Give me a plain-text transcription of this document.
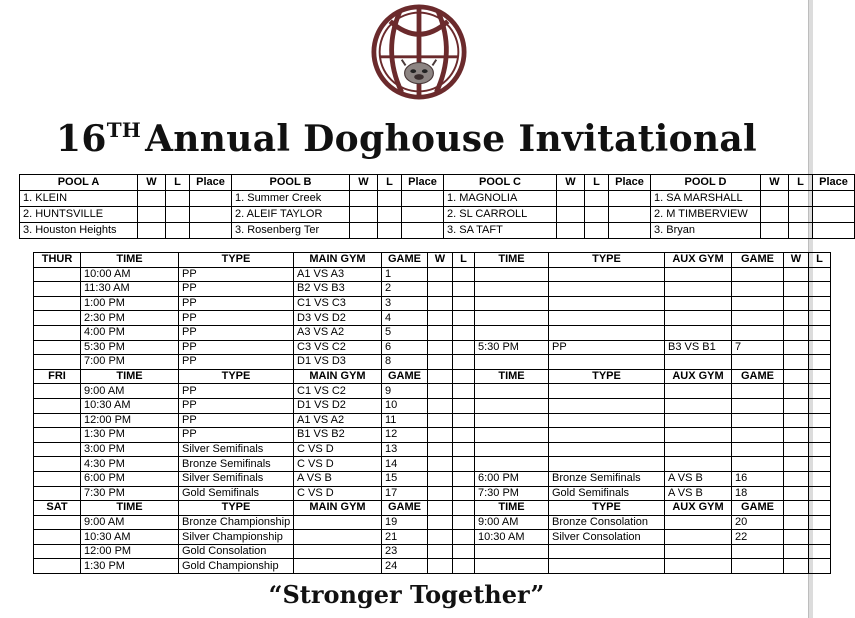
16TH Annual Doghouse Invitational
POOL A	W	L	Place	POOL B	W	L	Place	POOL C	W	L	Place	POOL D	W	L	Place
1. KLEIN				1. Summer Creek				1. MAGNOLIA				1. SA MARSHALL			
2. HUNTSVILLE				2. ALEIF TAYLOR				2. SL CARROLL				2. M TIMBERVIEW			
3. Houston Heights				3. Rosenberg Ter				3. SA TAFT				3. Bryan			
THUR	TIME	TYPE	MAIN GYM	GAME	W	L	TIME	TYPE	AUX GYM	GAME	W	L
	10:00 AM	PP	A1 VS A3	1								
	11:30 AM	PP	B2 VS B3	2								
	1:00 PM	PP	C1 VS C3	3								
	2:30 PM	PP	D3 VS D2	4								
	4:00 PM	PP	A3 VS A2	5								
	5:30 PM	PP	C3 VS C2	6			5:30 PM	PP	B3 VS B1	7		
	7:00 PM	PP	D1 VS D3	8								
FRI	TIME	TYPE	MAIN GYM	GAME			TIME	TYPE	AUX GYM	GAME		
	9:00 AM	PP	C1 VS C2	9								
	10:30 AM	PP	D1 VS D2	10								
	12:00 PM	PP	A1 VS A2	11								
	1:30 PM	PP	B1 VS B2	12								
	3:00 PM	Silver Semifinals	C VS D	13								
	4:30 PM	Bronze Semifinals	C VS D	14								
	6:00 PM	Silver Semifinals	A VS B	15			6:00 PM	Bronze Semifinals	A VS B	16		
	7:30 PM	Gold Semifinals	C VS D	17			7:30 PM	Gold Semifinals	A VS B	18		
SAT	TIME	TYPE	MAIN GYM	GAME			TIME	TYPE	AUX GYM	GAME		
	9:00 AM	Bronze Championship		19			9:00 AM	Bronze Consolation		20		
	10:30 AM	Silver Championship		21			10:30 AM	Silver Consolation		22		
	12:00 PM	Gold Consolation		23								
	1:30 PM	Gold Championship		24								
“Stronger Together”
